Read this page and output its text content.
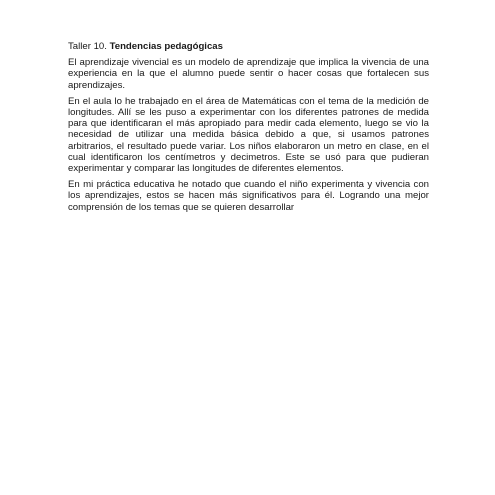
Taller 10. Tendencias pedagógicas

El aprendizaje vivencial es un modelo de aprendizaje que implica la vivencia de una experiencia en la que el alumno puede sentir o hacer cosas que fortalecen sus aprendizajes.

En el aula lo he trabajado en el área de Matemáticas con el tema de la medición de longitudes. Allí se les puso a experimentar con los diferentes patrones de medida para que identificaran el más apropiado para medir cada elemento, luego se vio la necesidad de utilizar una medida básica debido a que, si usamos patrones arbitrarios, el resultado puede variar. Los niños elaboraron un metro en clase, en el cual identificaron los centímetros y decimetros. Este se usó para que pudieran experimentar y comparar las longitudes de diferentes elementos.

En mi práctica educativa he notado que cuando el niño experimenta y vivencia con los aprendizajes, estos se hacen más significativos para él. Logrando una mejor comprensión de los temas que se quieren desarrollar
